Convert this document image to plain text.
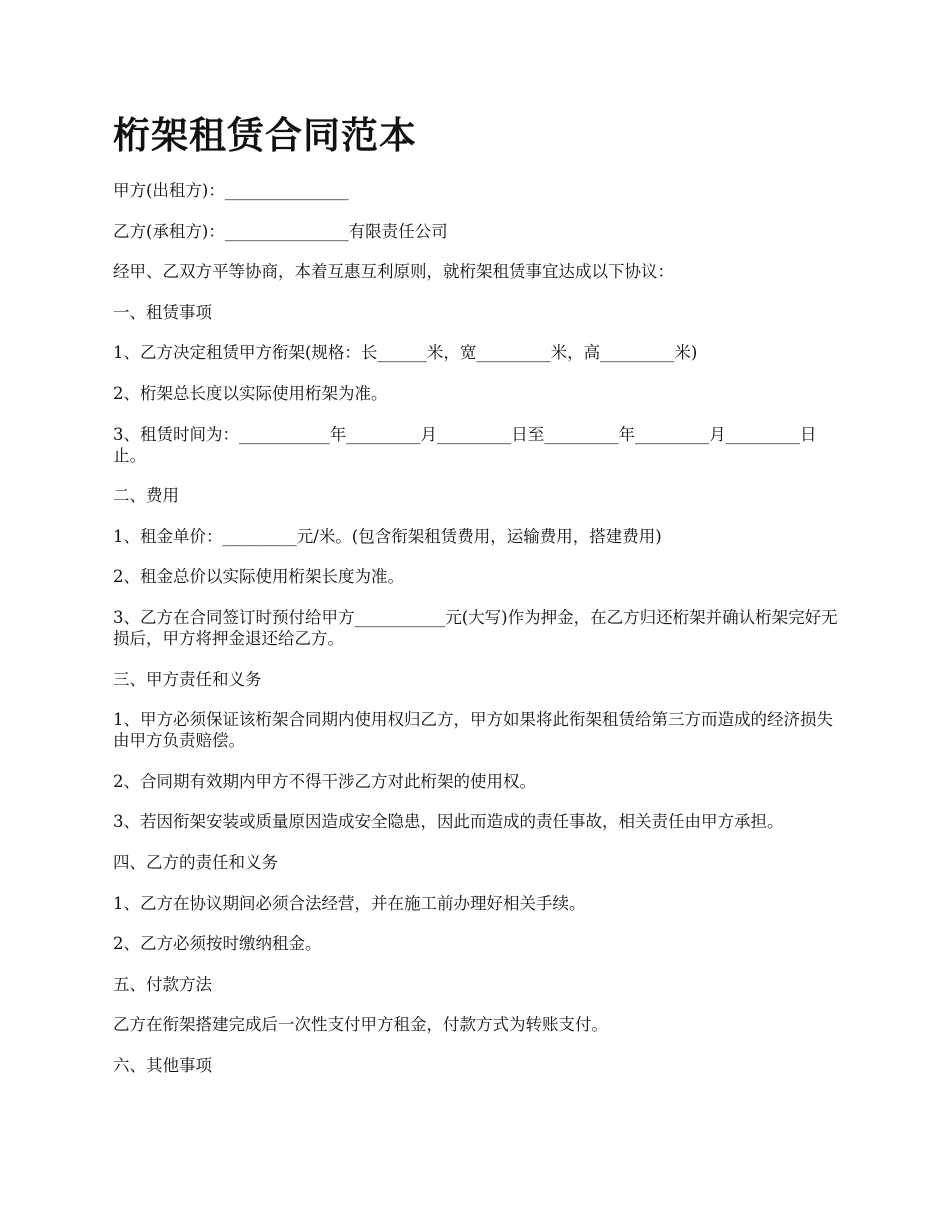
桁架租赁合同范本

甲方(出租方)：_______________

乙方(承租方)：_______________有限责任公司

经甲、乙双方平等协商，本着互惠互利原则，就桁架租赁事宜达成以下协议：

一、租赁事项

1、乙方决定租赁甲方衔架(规格：长______米，宽_________米，高_________米)

2、桁架总长度以实际使用桁架为准。

3、租赁时间为：___________年_________月_________日至_________年_________月_________日止。

二、费用

1、租金单价：_________元/米。(包含衔架租赁费用，运输费用，搭建费用)

2、租金总价以实际使用桁架长度为准。

3、乙方在合同签订时预付给甲方___________元(大写)作为押金，在乙方归还桁架并确认桁架完好无损后，甲方将押金退还给乙方。

三、甲方责任和义务

1、甲方必须保证该桁架合同期内使用权归乙方，甲方如果将此衔架租赁给第三方而造成的经济损失由甲方负责赔偿。

2、合同期有效期内甲方不得干涉乙方对此桁架的使用权。

3、若因衔架安装或质量原因造成安全隐患，因此而造成的责任事故，相关责任由甲方承担。

四、乙方的责任和义务

1、乙方在协议期间必须合法经营，并在施工前办理好相关手续。

2、乙方必须按时缴纳租金。

五、付款方法

乙方在衔架搭建完成后一次性支付甲方租金，付款方式为转账支付。

六、其他事项
